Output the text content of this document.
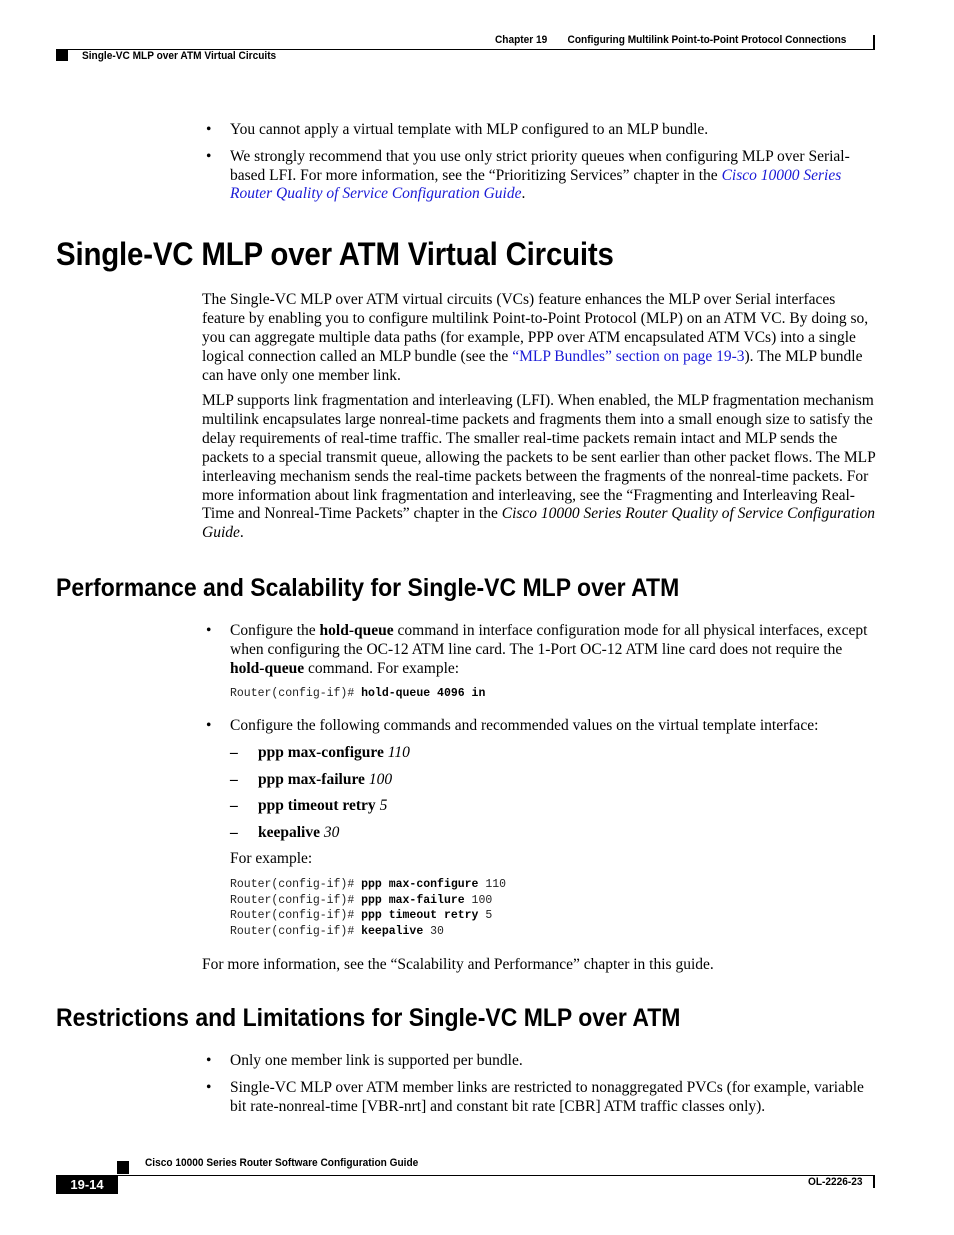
Chapter 19 Configuring Multilink Point-to-Point Protocol Connections
Single-VC MLP over ATM Virtual Circuits
• You cannot apply a virtual template with MLP configured to an MLP bundle.
• We strongly recommend that you use only strict priority queues when configuring MLP over Serial-based LFI. For more information, see the “Prioritizing Services” chapter in the Cisco 10000 Series Router Quality of Service Configuration Guide.
Single-VC MLP over ATM Virtual Circuits

The Single-VC MLP over ATM virtual circuits (VCs) feature enhances the MLP over Serial interfaces feature by enabling you to configure multilink Point-to-Point Protocol (MLP) on an ATM VC. By doing so, you can aggregate multiple data paths (for example, PPP over ATM encapsulated ATM VCs) into a single logical connection called an MLP bundle (see the “MLP Bundles” section on page 19-3). The MLP bundle can have only one member link.

MLP supports link fragmentation and interleaving (LFI). When enabled, the MLP fragmentation mechanism multilink encapsulates large nonreal-time packets and fragments them into a small enough size to satisfy the delay requirements of real-time traffic. The smaller real-time packets remain intact and MLP sends the packets to a special transmit queue, allowing the packets to be sent earlier than other packet flows. The MLP interleaving mechanism sends the real-time packets between the fragments of the nonreal-time packets. For more information about link fragmentation and interleaving, see the “Fragmenting and Interleaving Real-Time and Nonreal-Time Packets” chapter in the Cisco 10000 Series Router Quality of Service Configuration Guide.

Performance and Scalability for Single-VC MLP over ATM
• Configure the hold-queue command in interface configuration mode for all physical interfaces, except when configuring the OC-12 ATM line card. The 1-Port OC-12 ATM line card does not require the hold-queue command. For example:
Router(config-if)# hold-queue 4096 in
• Configure the following commands and recommended values on the virtual template interface:
– ppp max-configure 110
– ppp max-failure 100
– ppp timeout retry 5
– keepalive 30
For example:
Router(config-if)# ppp max-configure 110
Router(config-if)# ppp max-failure 100
Router(config-if)# ppp timeout retry 5
Router(config-if)# keepalive 30
For more information, see the “Scalability and Performance” chapter in this guide.
Restrictions and Limitations for Single-VC MLP over ATM
• Only one member link is supported per bundle.
• Single-VC MLP over ATM member links are restricted to nonaggregated PVCs (for example, variable bit rate-nonreal-time [VBR-nrt] and constant bit rate [CBR] ATM traffic classes only).
Cisco 10000 Series Router Software Configuration Guide
19-14	OL-2226-23
